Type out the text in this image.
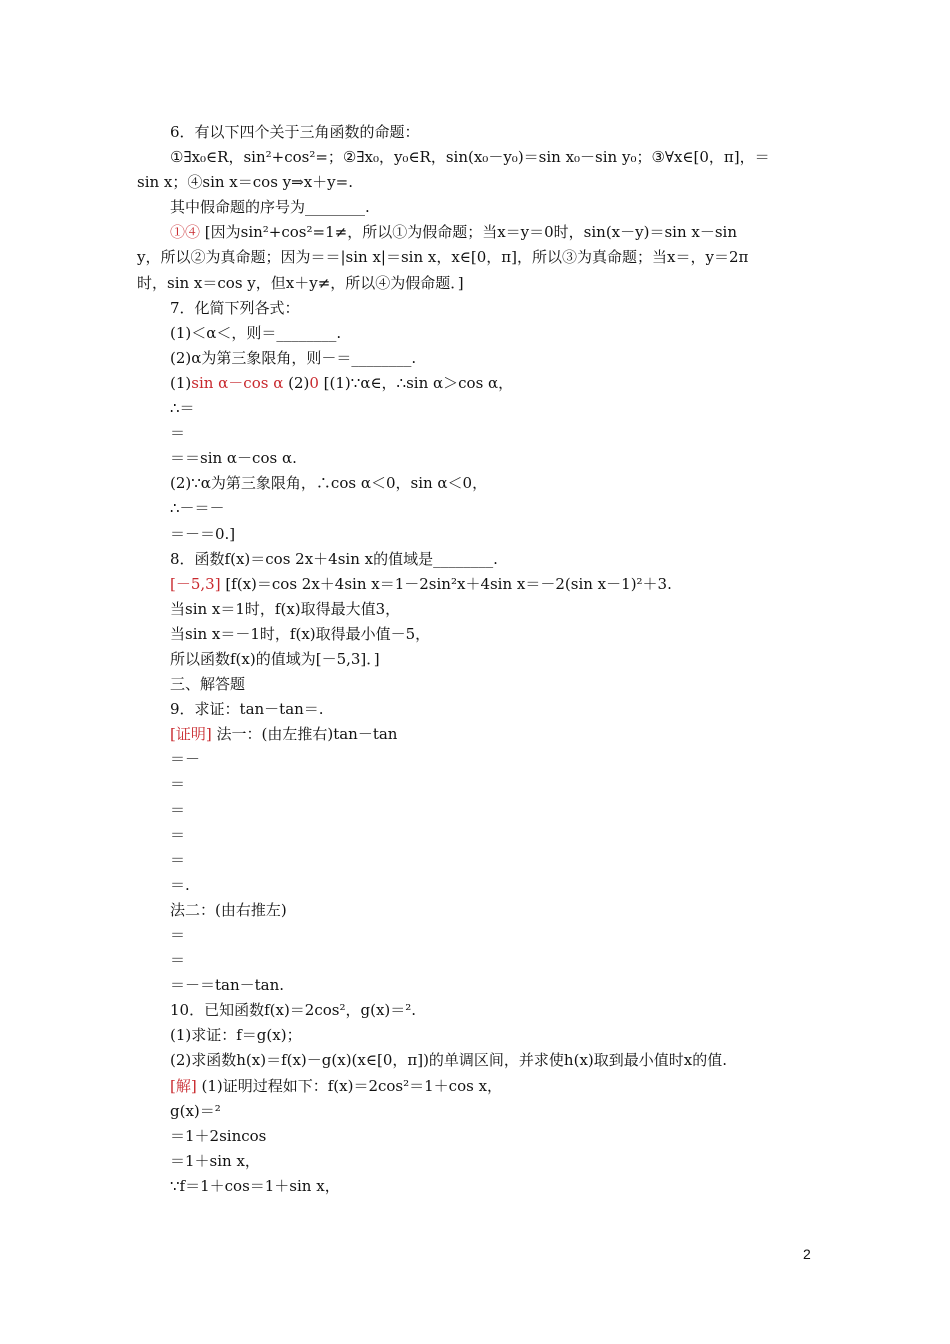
6．有以下四个关于三角函数的命题：
①∃x₀∈R，sin²+cos²=；②∃x₀，y₀∈R，sin(x₀－y₀)＝sin x₀－sin y₀；③∀x∈[0，π]，＝
sin x；④sin x＝cos y⇒x＋y=.
其中假命题的序号为________.
①④ [因为sin²+cos²=1≠，所以①为假命题；当x＝y＝0时，sin(x－y)＝sin x－sin
y，所以②为真命题；因为＝＝|sin x|＝sin x，x∈[0，π]，所以③为真命题；当x＝，y＝2π
时，sin x＝cos y，但x＋y≠，所以④为假命题．]
7．化简下列各式：
(1)＜α＜，则＝________.
(2)α为第三象限角，则－＝________.
(1)sin α－cos α (2)0 [(1)∵α∈，∴sin α＞cos α，
∴＝
＝
＝＝sin α－cos α.
(2)∵α为第三象限角，∴cos α＜0，sin α＜0，
∴－＝－
＝－＝0.]
8．函数f(x)＝cos 2x＋4sin x的值域是________.
[－5,3] [f(x)＝cos 2x＋4sin x＝1－2sin²x＋4sin x＝－2(sin x－1)²＋3.
当sin x＝1时，f(x)取得最大值3，
当sin x＝－1时，f(x)取得最小值－5，
所以函数f(x)的值域为[－5,3]．]
三、解答题
9．求证：tan－tan＝.
[证明] 法一：(由左推右)tan－tan
＝－
＝
＝
＝
＝
＝.
法二：(由右推左)
＝
＝
＝－＝tan－tan.
10．已知函数f(x)＝2cos²，g(x)＝².
(1)求证：f＝g(x)；
(2)求函数h(x)＝f(x)－g(x)(x∈[0，π])的单调区间，并求使h(x)取到最小值时x的值.
[解] (1)证明过程如下：f(x)＝2cos²＝1＋cos x，
g(x)＝²
＝1＋2sincos
＝1＋sin x，
∵f＝1＋cos＝1＋sin x，
2
